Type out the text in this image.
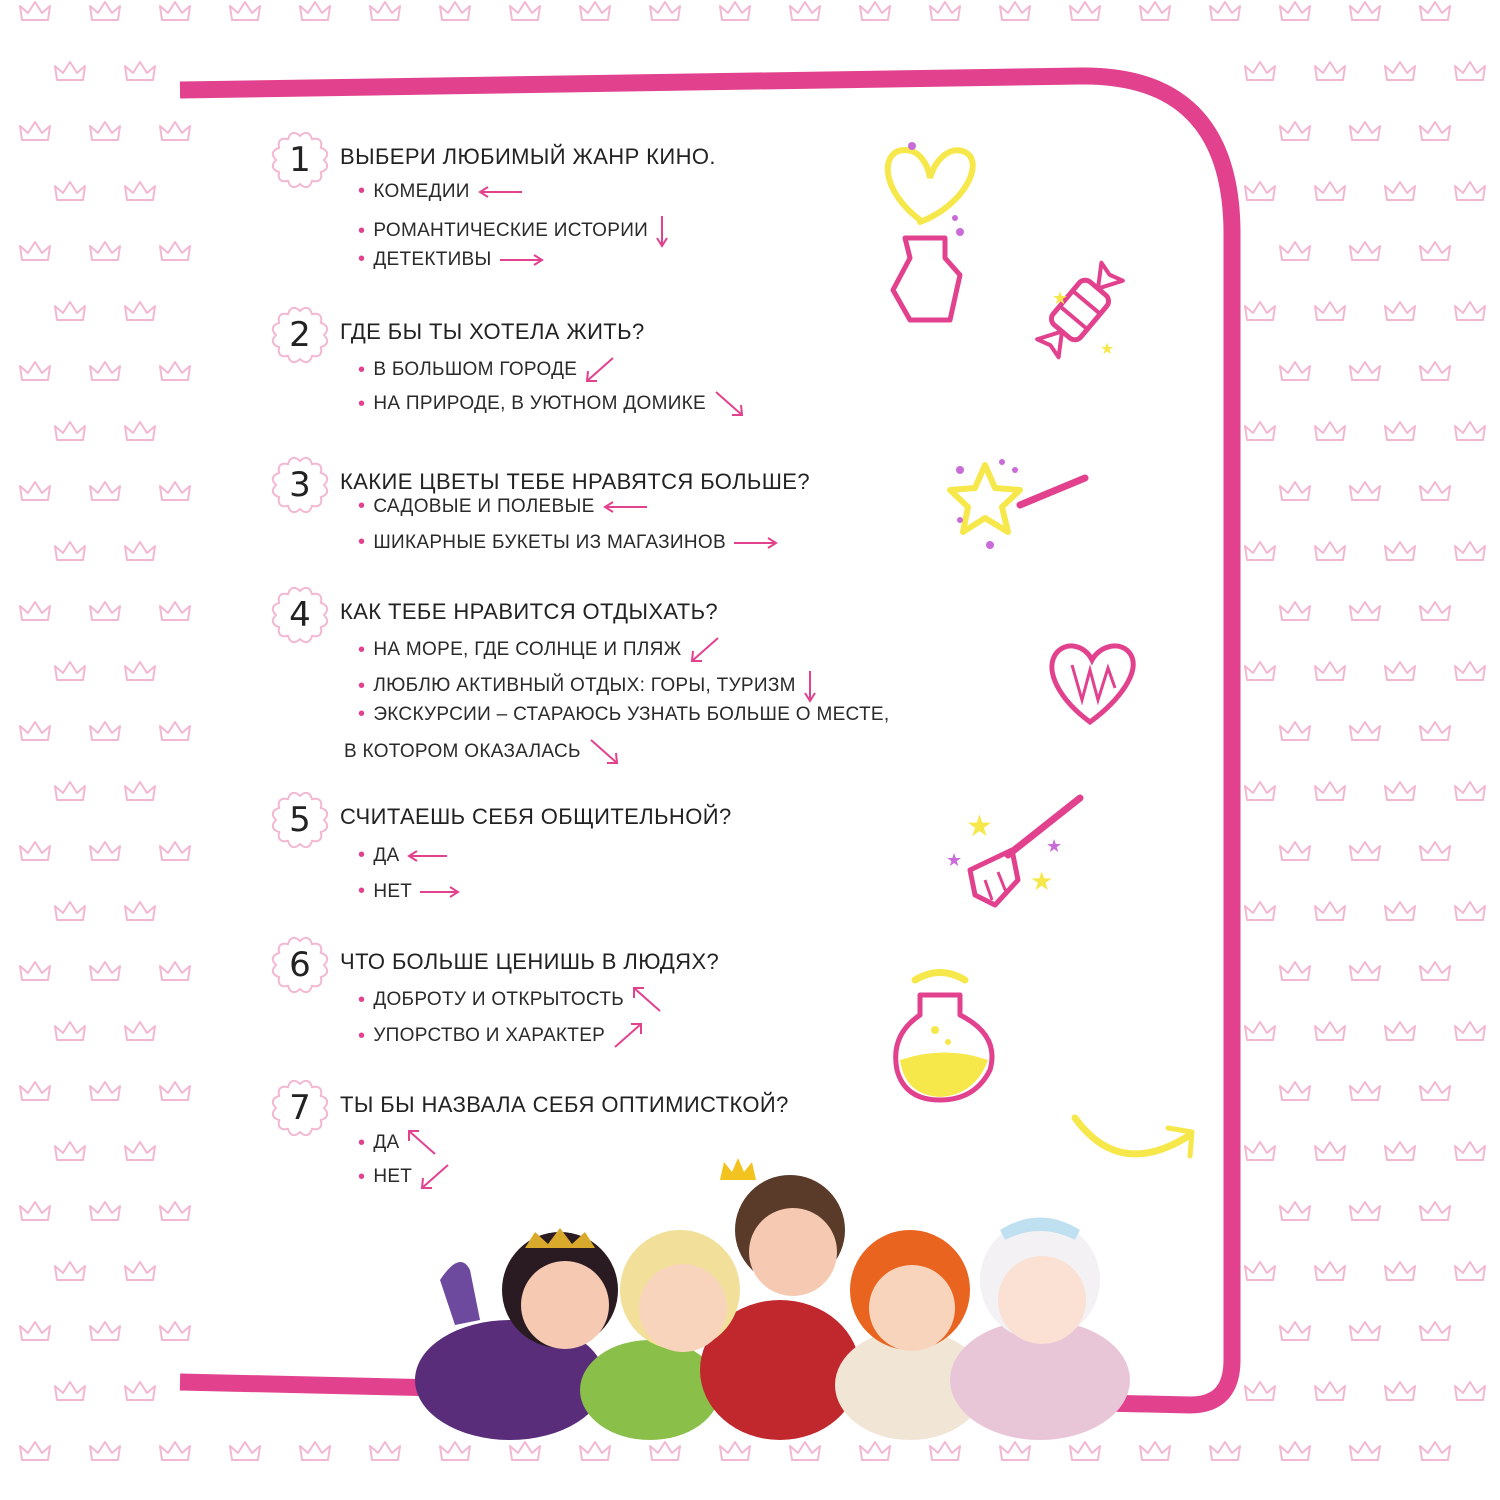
1	ВЫБЕРИ ЛЮБИМЫЙ ЖАНР КИНО.
• КОМЕДИИ
• РОМАНТИЧЕСКИЕ ИСТОРИИ
• ДЕТЕКТИВЫ
2	ГДЕ БЫ ТЫ ХОТЕЛА ЖИТЬ?
• В БОЛЬШОМ ГОРОДЕ
• НА ПРИРОДЕ, В УЮТНОМ ДОМИКЕ
3	КАКИЕ ЦВЕТЫ ТЕБЕ НРАВЯТСЯ БОЛЬШЕ?
• САДОВЫЕ И ПОЛЕВЫЕ
• ШИКАРНЫЕ БУКЕТЫ ИЗ МАГАЗИНОВ
4	КАК ТЕБЕ НРАВИТСЯ ОТДЫХАТЬ?
• НА МОРЕ, ГДЕ СОЛНЦЕ И ПЛЯЖ
• ЛЮБЛЮ АКТИВНЫЙ ОТДЫХ: ГОРЫ, ТУРИЗМ
• ЭКСКУРСИИ – СТАРАЮСЬ УЗНАТЬ БОЛЬШЕ О МЕСТЕ,
В КОТОРОМ ОКАЗАЛАСЬ
5	СЧИТАЕШЬ СЕБЯ ОБЩИТЕЛЬНОЙ?
• ДА
• НЕТ
6	ЧТО БОЛЬШЕ ЦЕНИШЬ В ЛЮДЯХ?
• ДОБРОТУ И ОТКРЫТОСТЬ
• УПОРСТВО И ХАРАКТЕР
7	ТЫ БЫ НАЗВАЛА СЕБЯ ОПТИМИСТКОЙ?
• ДА
• НЕТ
★
★
★
★
★
★
